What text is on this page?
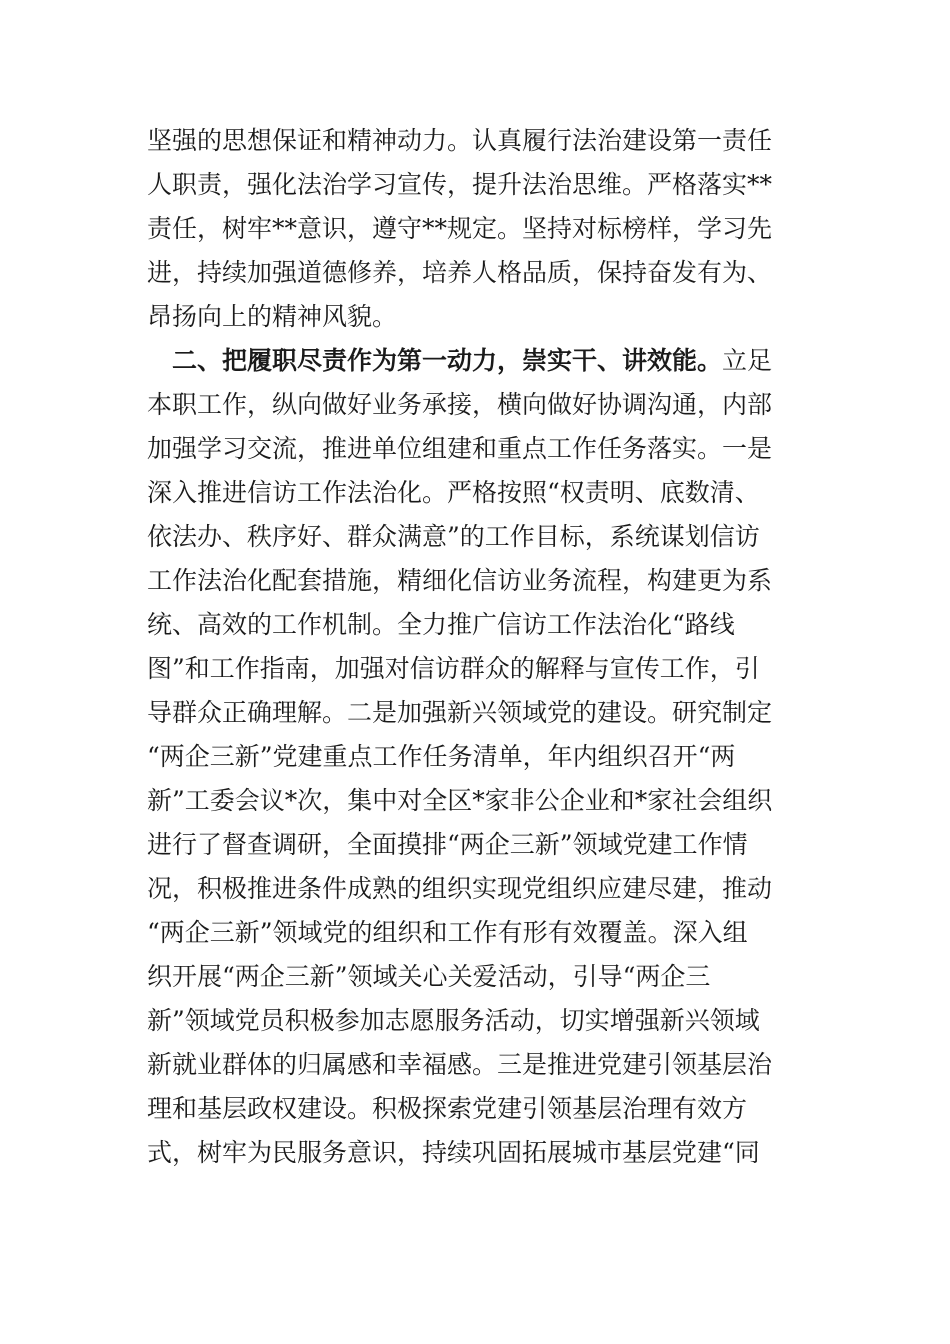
坚强的思想保证和精神动力。认真履行法治建设第一责任
人职责，强化法治学习宣传，提升法治思维。严格落实**
责任，树牢**意识，遵守**规定。坚持对标榜样，学习先
进，持续加强道德修养，培养人格品质，保持奋发有为、
昂扬向上的精神风貌。
二、把履职尽责作为第一动力，崇实干、讲效能。立足
本职工作，纵向做好业务承接，横向做好协调沟通，内部
加强学习交流，推进单位组建和重点工作任务落实。一是
深入推进信访工作法治化。严格按照“权责明、底数清、
依法办、秩序好、群众满意”的工作目标，系统谋划信访
工作法治化配套措施，精细化信访业务流程，构建更为系
统、高效的工作机制。全力推广信访工作法治化“路线
图”和工作指南，加强对信访群众的解释与宣传工作，引
导群众正确理解。二是加强新兴领域党的建设。研究制定
“两企三新”党建重点工作任务清单，年内组织召开“两
新”工委会议*次，集中对全区*家非公企业和*家社会组织
进行了督查调研，全面摸排“两企三新”领域党建工作情
况，积极推进条件成熟的组织实现党组织应建尽建，推动
“两企三新”领域党的组织和工作有形有效覆盖。深入组
织开展“两企三新”领域关心关爱活动，引导“两企三
新”领域党员积极参加志愿服务活动，切实增强新兴领域
新就业群体的归属感和幸福感。三是推进党建引领基层治
理和基层政权建设。积极探索党建引领基层治理有效方
式，树牢为民服务意识，持续巩固拓展城市基层党建“同
